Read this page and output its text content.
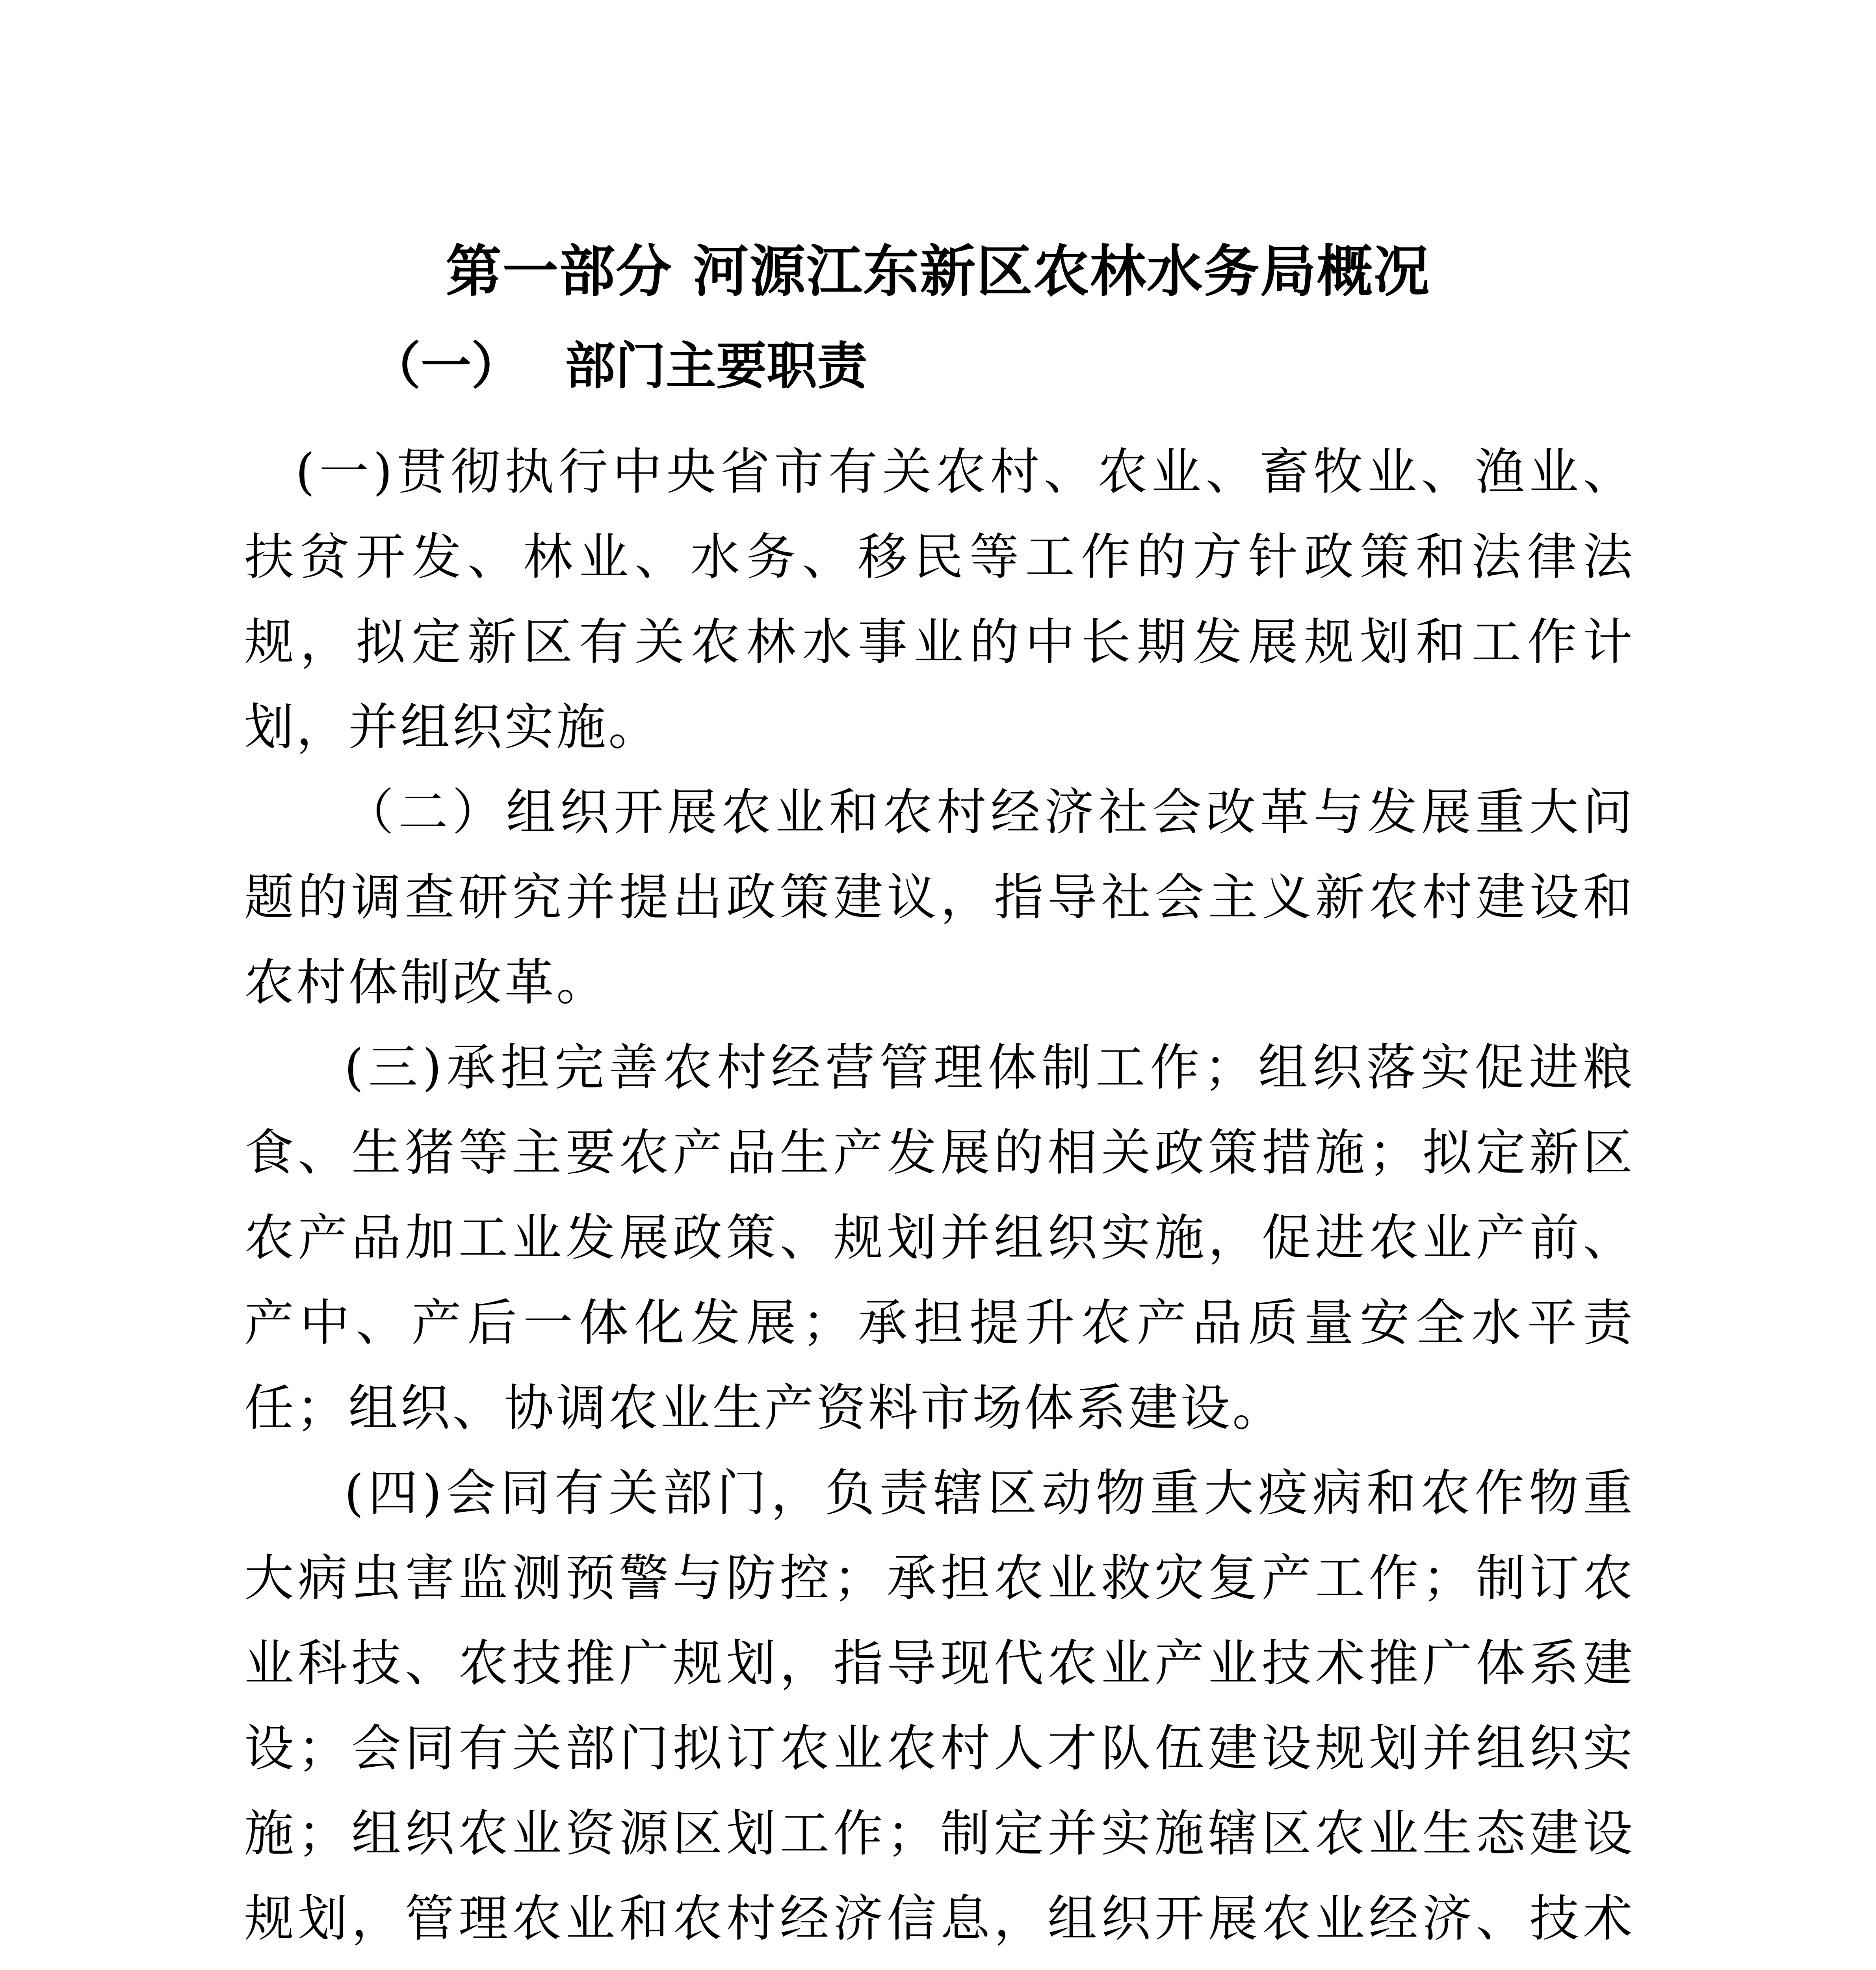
第一部分 河源江东新区农林水务局概况
（一） 部门主要职责

(一)贯彻执行中央省市有关农村、农业、畜牧业、渔业、扶贫开发、林业、水务、移民等工作的方针政策和法律法规，拟定新区有关农林水事业的中长期发展规划和工作计划，并组织实施。

（二）组织开展农业和农村经济社会改革与发展重大问题的调查研究并提出政策建议，指导社会主义新农村建设和农村体制改革。

(三)承担完善农村经营管理体制工作；组织落实促进粮食、生猪等主要农产品生产发展的相关政策措施；拟定新区农产品加工业发展政策、规划并组织实施，促进农业产前、产中、产后一体化发展；承担提升农产品质量安全水平责任；组织、协调农业生产资料市场体系建设。

(四)会同有关部门，负责辖区动物重大疫病和农作物重大病虫害监测预警与防控；承担农业救灾复产工作；制订农业科技、农技推广规划，指导现代农业产业技术推广体系建设；会同有关部门拟订农业农村人才队伍建设规划并组织实施；组织农业资源区划工作；制定并实施辖区农业生态建设规划，管理农业和农村经济信息，组织开展农业经济、技术
